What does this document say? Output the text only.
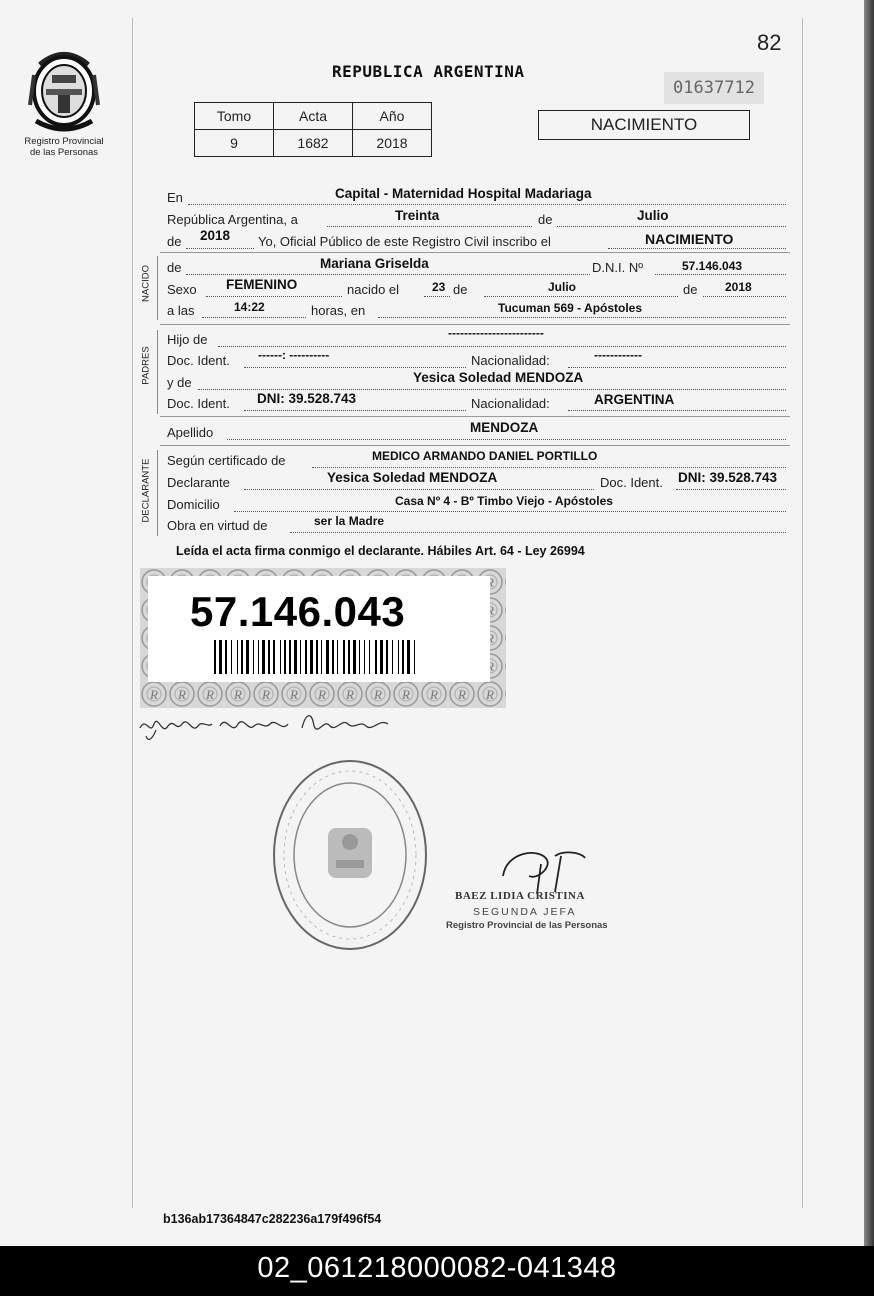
82
Registro Provincial
de las Personas
REPUBLICA ARGENTINA
01637712
Tomo	Acta	Año
9	1682	2018
NACIMIENTO
En	Capital - Maternidad Hospital Madariaga
República Argentina, a	Treinta	de	Julio
de 2018 Yo, Oficial Público de este Registro Civil inscribo el	NACIMIENTO
NACIDO de	Mariana Griselda	D.N.I. Nº	57.146.043
Sexo FEMENINO	nacido el	23 de	Julio	de 2018
a las	14:22	horas, en	Tucuman 569 - Apóstoles
PADRES
Hijo de	------------------------
Doc. Ident. ------: ----------	Nacionalidad:	------------
y de	Yesica Soledad MENDOZA
Doc. Ident. DNI: 39.528.743	Nacionalidad:	ARGENTINA
Apellido	MENDOZA
DECLARANTE Según certificado de	MEDICO ARMANDO DANIEL PORTILLO
Declarante	Yesica Soledad MENDOZA	Doc. Ident. DNI: 39.528.743
Domicilio	Casa Nº 4 - Bº Timbo Viejo - Apóstoles
Obra en virtud de	ser la Madre
Leída el acta firma conmigo el declarante. Hábiles Art. 64 - Ley 26994
57.146.043
BAEZ LIDIA CRISTINA
SEGUNDA JEFA
Registro Provincial de las Personas
b136ab17364847c282236a179f496f54
02_061218000082-041348
